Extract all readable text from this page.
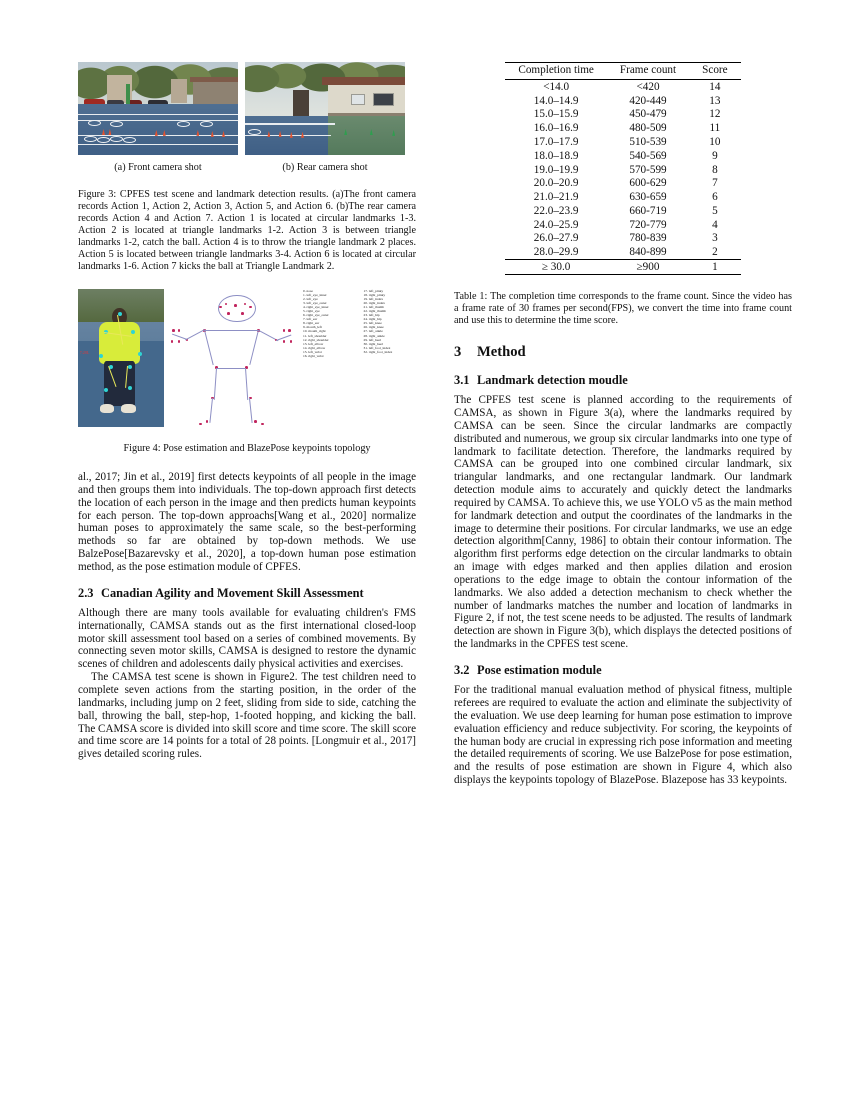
(a) Front camera shot	(b) Rear camera shot

Figure 3: CPFES test scene and landmark detection results. (a)The front camera records Action 1, Action 2, Action 3, Action 5, and Action 6. (b)The rear camera records Action 4 and Action 7. Action 1 is located at circular landmarks 1-3. Action 2 is located at triangle landmarks 1-2. Action 3 is between triangle landmarks 1-2, catch the ball. Action 4 is to throw the triangle landmark 2 places. Action 5 is located between triangle landmarks 3-4. Action 6 is located at circular landmarks 1-6. Action 7 kicks the ball at Triangle Landmark 2.

7:20L
0. nose
1. left_eye_inner
2. left_eye
3. left_eye_outer
4. right_eye_inner
5. right_eye
6. right_eye_outer
7. left_ear
8. right_ear
9. mouth_left
10. mouth_right
11. left_shoulder
12. right_shoulder
13. left_elbow
14. right_elbow
15. left_wrist
16. right_wrist
17. left_pinky
18. right_pinky
19. left_index
20. right_index
21. left_thumb
22. right_thumb
23. left_hip
24. right_hip
25. left_knee
26. right_knee
27. left_ankle
28. right_ankle
29. left_heel
30. right_heel
31. left_foot_index
32. right_foot_index

Figure 4: Pose estimation and BlazePose keypoints topology

al., 2017; Jin et al., 2019] first detects keypoints of all people in the image and then groups them into individuals. The top-down approach first detects the location of each person in the image and then predicts human keypoints for each person. The top-down approachs[Wang et al., 2020] normalize human poses to approximately the same scale, so the best-performing methods so far are obtained by top-down methods. We use BalzePose[Bazarevsky et al., 2020], a top-down human pose estimation method, as the pose estimation module of CPFES.

2.3 Canadian Agility and Movement Skill Assessment

Although there are many tools available for evaluating children's FMS internationally, CAMSA stands out as the first international closed-loop motor skill assessment tool based on a series of combined movements. By connecting seven motor skills, CAMSA is designed to restore the dynamic scenes of children and adolescents daily physical activities and exercises.

The CAMSA test scene is shown in Figure2. The test children need to complete seven actions from the starting position, in the order of the landmarks, including jump on 2 feet, sliding from side to side, catching the ball, throwing the ball, step-hop, 1-footed hopping, and kicking the ball. The CAMSA score is divided into skill score and time score. The skill score and time score are 14 points for a total of 28 points. [Longmuir et al., 2017] gives detailed scoring rules.

Completion time	Frame count	Score
<14.0	<420	14
14.0–14.9	420-449	13
15.0–15.9	450-479	12
16.0–16.9	480-509	11
17.0–17.9	510-539	10
18.0–18.9	540-569	9
19.0–19.9	570-599	8
20.0–20.9	600-629	7
21.0–21.9	630-659	6
22.0–23.9	660-719	5
24.0–25.9	720-779	4
26.0–27.9	780-839	3
28.0–29.9	840-899	2
≥ 30.0	≥900	1

Table 1: The completion time corresponds to the frame count. Since the video has a frame rate of 30 frames per second(FPS), we convert the time into frame count and use this to determine the time score.

3 Method
3.1 Landmark detection moudle

The CPFES test scene is planned according to the requirements of CAMSA, as shown in Figure 3(a), where the landmarks required by CAMSA can be seen. Since the circular landmarks are compactly distributed and numerous, we group six circular landmarks into one type of landmark to facilitate detection. Therefore, the landmarks required by CAMSA can be grouped into one combined circular landmark, six triangular landmarks, and one rectangular landmark. Our landmark detection module aims to accurately and quickly detect the landmarks required by CAMSA. To achieve this, we use YOLO v5 as the main method for landmark detection and output the coordinates of the landmarks in the image to determine their positions. For circular landmarks, we use an edge detection algorithm[Canny, 1986] to obtain their contour information. The algorithm first performs edge detection on the circular landmarks to obtain an image with edges marked and then applies dilation and erosion operations to the edge image to obtain the contour information of the landmarks. We also added a detection mechanism to check whether the number of landmarks matches the number and location of landmarks in Figure 2, if not, the test scene needs to be adjusted. The results of landmark detection are shown in Figure 3(b), which displays the detected positions of the landmarks in the CPFES test scene.

3.2 Pose estimation module

For the traditional manual evaluation method of physical fitness, multiple referees are required to evaluate the action and eliminate the subjectivity of the evaluation. We use deep learning for human pose estimation to improve evaluation efficiency and reduce subjectivity. For scoring, the keypoints of the human body are crucial in expressing rich pose information and meeting the detailed requirements of scoring. We use BalzePose for pose estimation, and the results of pose estimation are shown in Figure 4, which also displays the keypoints topology of BlazePose. Blazepose has 33 keypoints.
